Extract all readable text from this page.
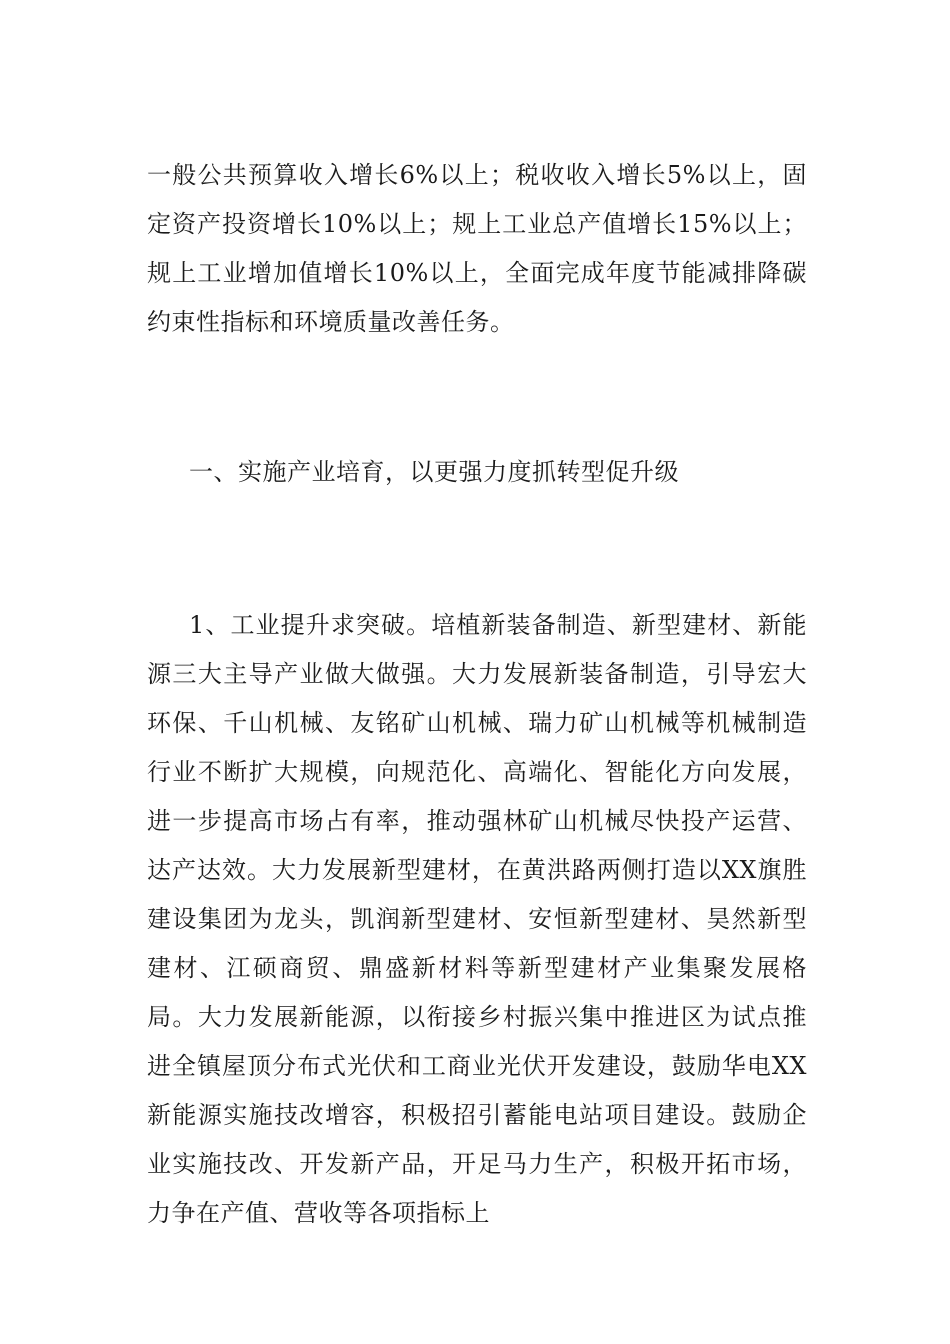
一般公共预算收入增长6%以上；税收收入增长5%以上，固定资产投资增长10%以上；规上工业总产值增长15%以上；规上工业增加值增长10%以上，全面完成年度节能减排降碳约束性指标和环境质量改善任务。

一、实施产业培育，以更强力度抓转型促升级

1、工业提升求突破。培植新装备制造、新型建材、新能源三大主导产业做大做强。大力发展新装备制造，引导宏大环保、千山机械、友铭矿山机械、瑞力矿山机械等机械制造行业不断扩大规模，向规范化、高端化、智能化方向发展，进一步提高市场占有率，推动强林矿山机械尽快投产运营、达产达效。大力发展新型建材，在黄洪路两侧打造以XX旗胜建设集团为龙头，凯润新型建材、安恒新型建材、昊然新型建材、江硕商贸、鼎盛新材料等新型建材产业集聚发展格局。大力发展新能源，以衔接乡村振兴集中推进区为试点推进全镇屋顶分布式光伏和工商业光伏开发建设，鼓励华电XX新能源实施技改增容，积极招引蓄能电站项目建设。鼓励企业实施技改、开发新产品，开足马力生产，积极开拓市场，力争在产值、营收等各项指标上
